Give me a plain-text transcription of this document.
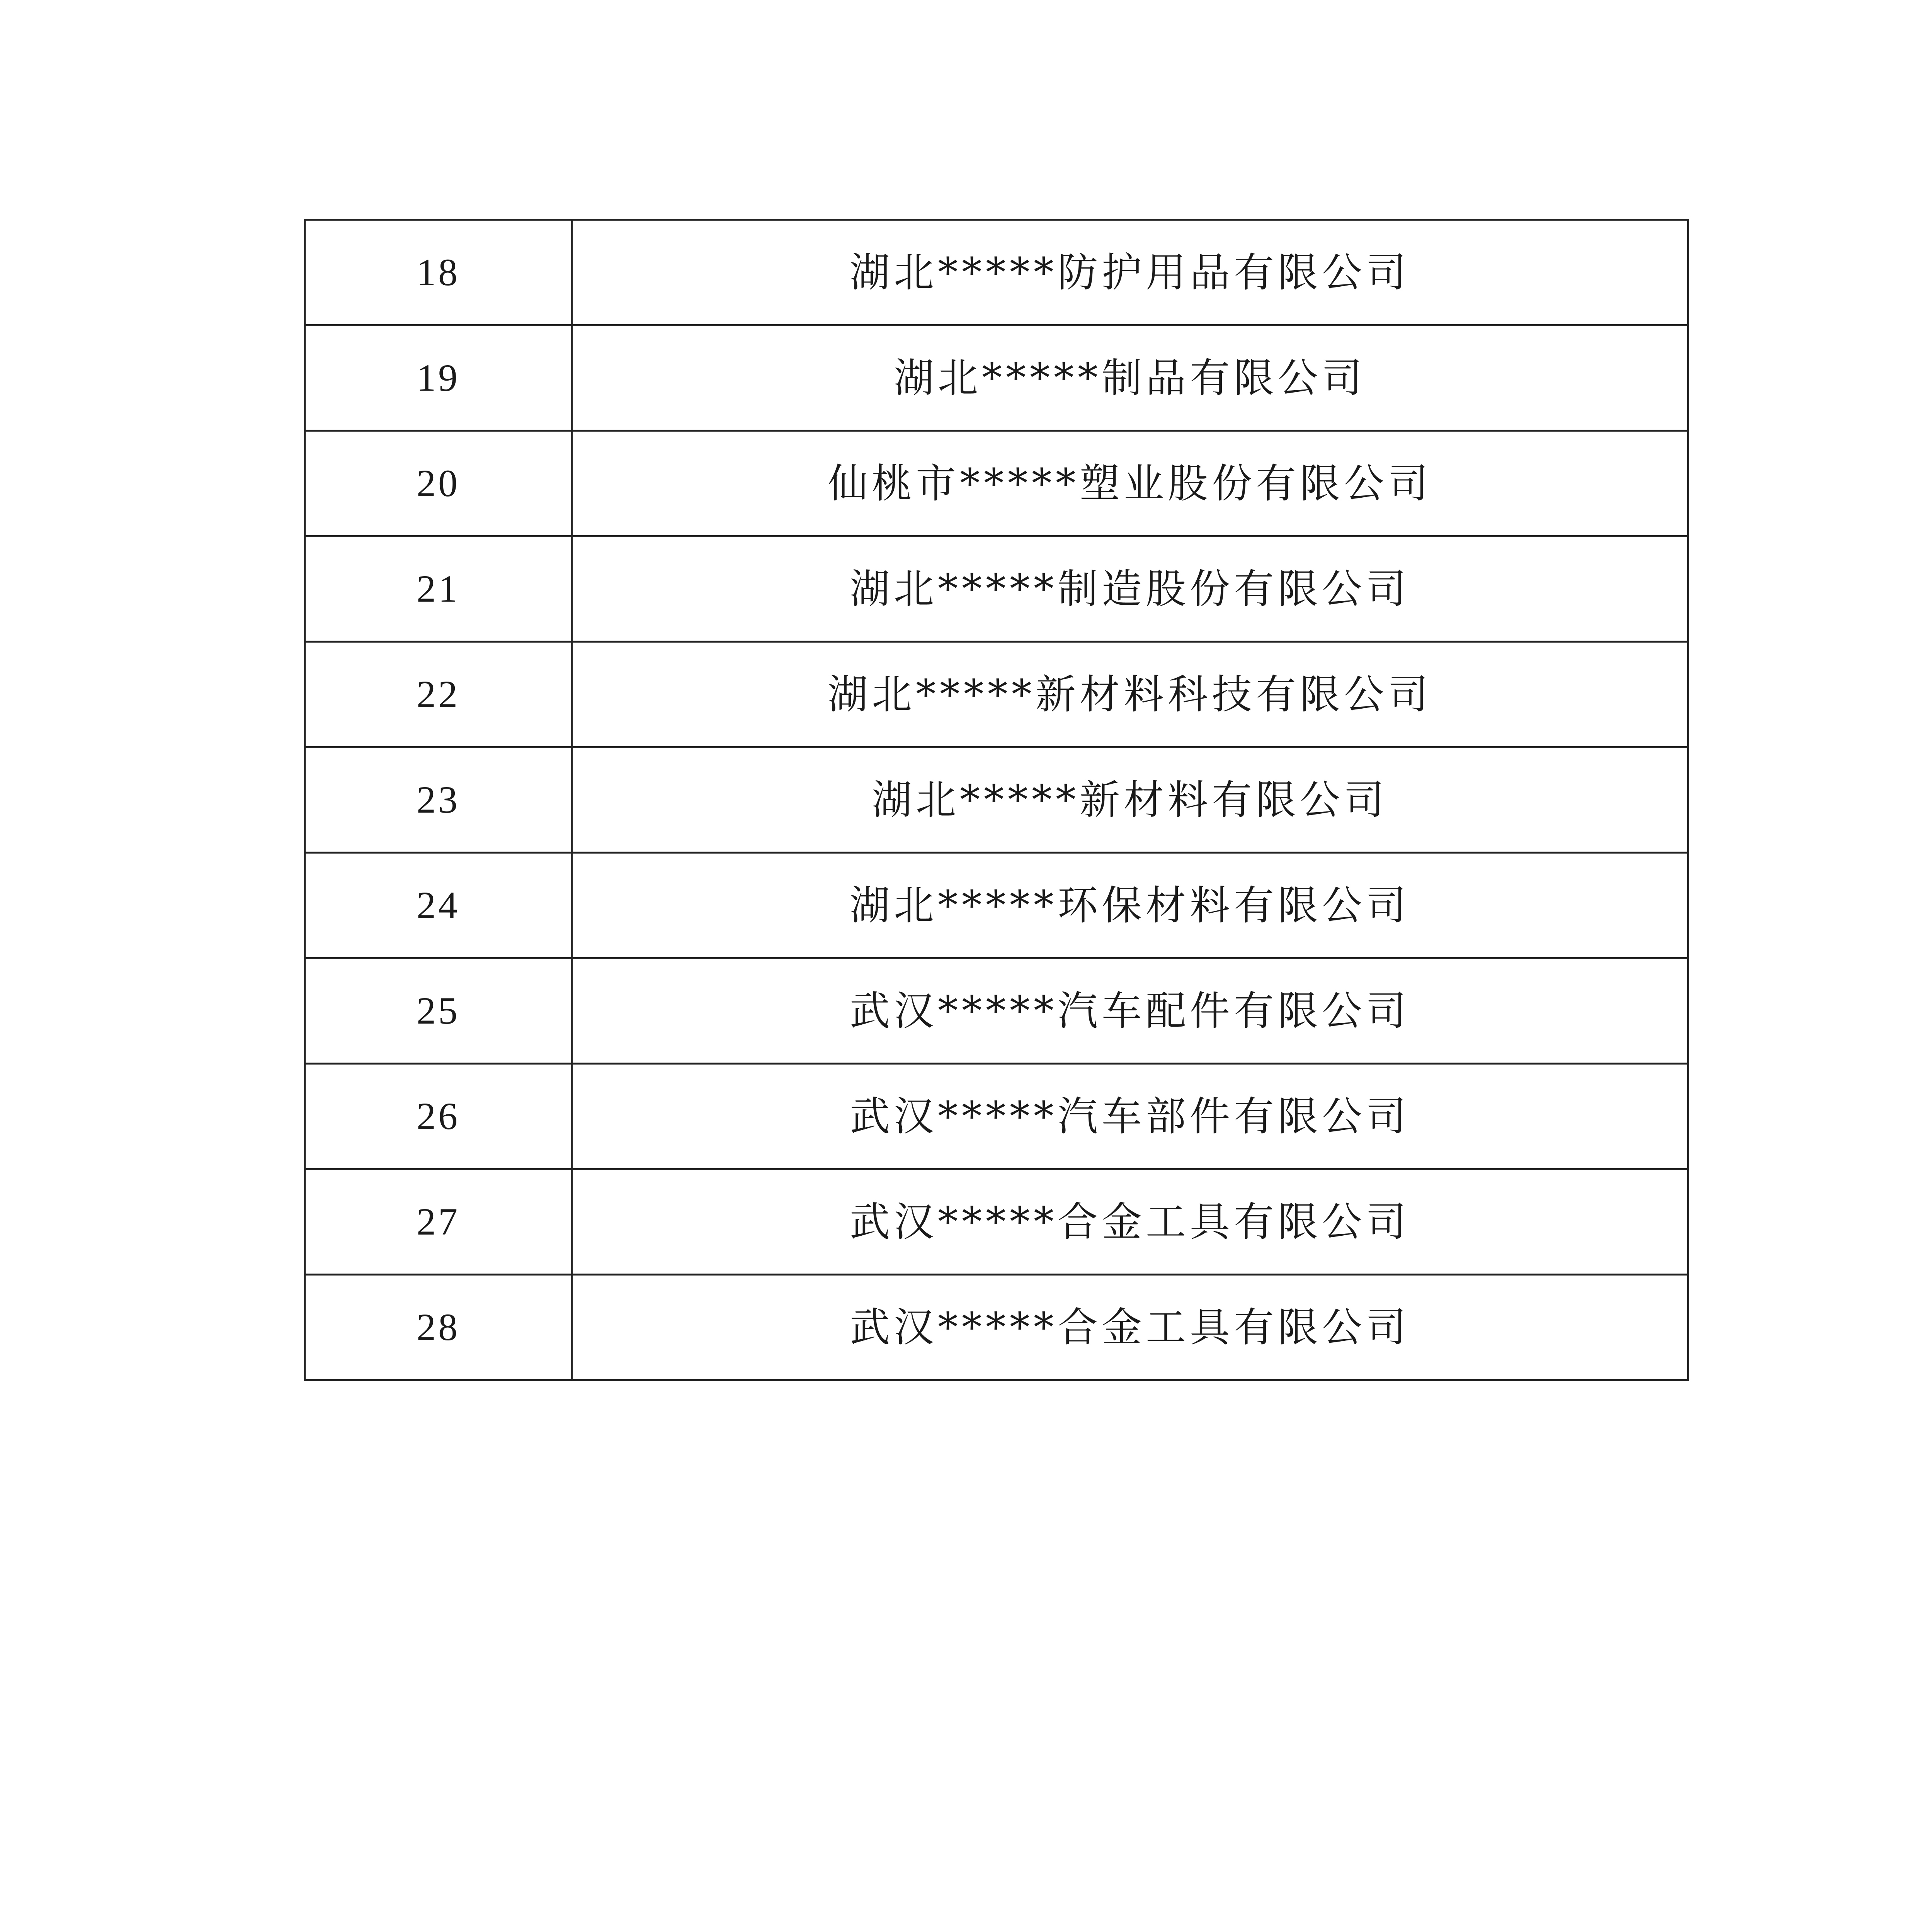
18	湖北*****防护用品有限公司
19	湖北*****制品有限公司
20	仙桃市*****塑业股份有限公司
21	湖北*****制造股份有限公司
22	湖北*****新材料科技有限公司
23	湖北*****新材料有限公司
24	湖北*****环保材料有限公司
25	武汉*****汽车配件有限公司
26	武汉*****汽车部件有限公司
27	武汉*****合金工具有限公司
28	武汉*****合金工具有限公司
